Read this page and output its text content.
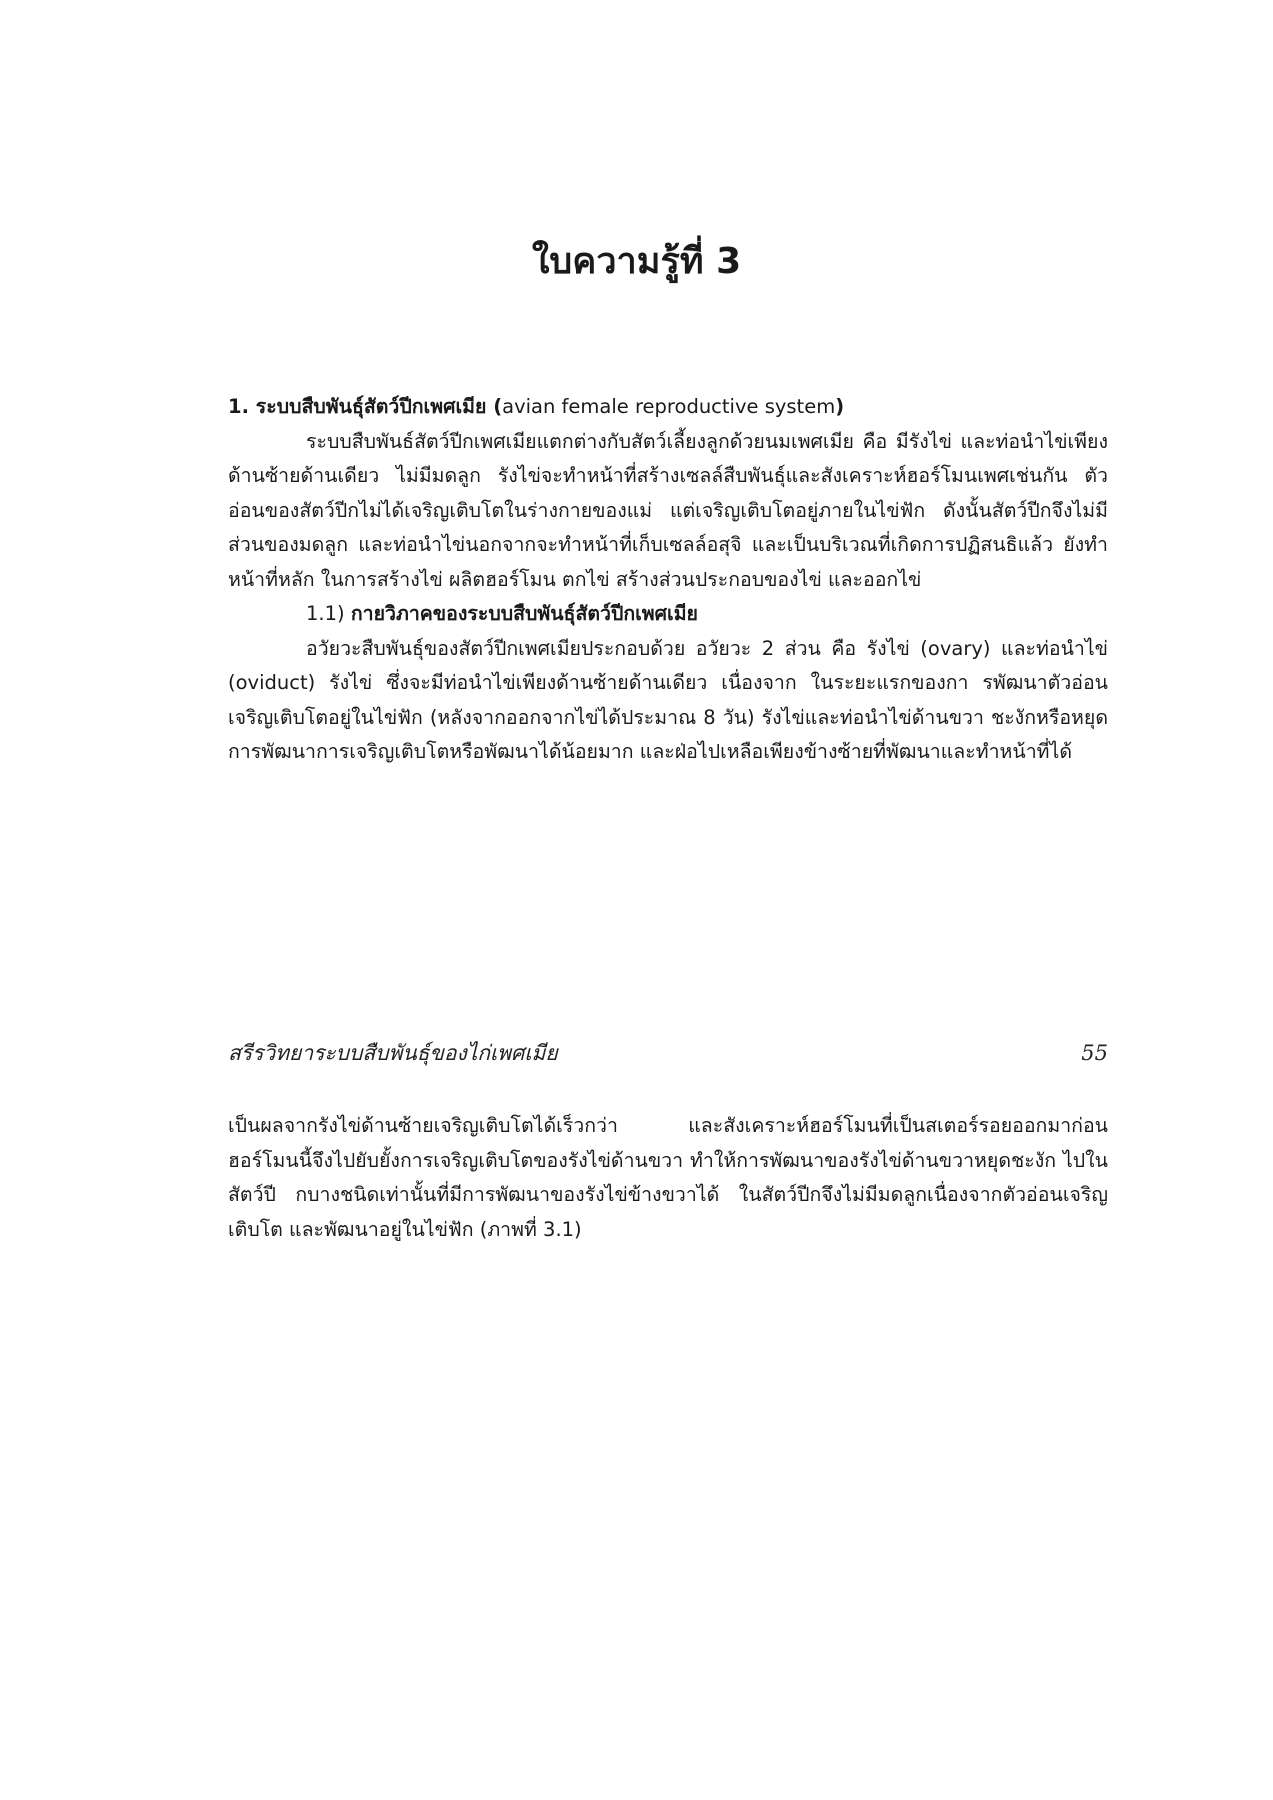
ใบความรู้ที่ 3

1. ระบบสืบพันธุ์สัตว์ปีกเพศเมีย (avian female reproductive system)

ระบบสืบพันธ์สัตว์ปีกเพศเมียแตกต่างกับสัตว์เลี้ยงลูกด้วยนมเพศเมีย คือ มีรังไข่ และท่อนำไข่เพียงด้านซ้ายด้านเดียว ไม่มีมดลูก รังไข่จะทำหน้าที่สร้างเซลล์สืบพันธุ์และสังเคราะห์ฮอร์โมนเพศเช่นกัน ตัวอ่อนของสัตว์ปีกไม่ได้เจริญเติบโตในร่างกายของแม่ แต่เจริญเติบโตอยู่ภายในไข่ฟัก ดังนั้นสัตว์ปีกจึงไม่มีส่วนของมดลูก และท่อนำไข่นอกจากจะทำหน้าที่เก็บเซลล์อสุจิ และเป็นบริเวณที่เกิดการปฏิสนธิแล้ว ยังทำหน้าที่หลัก ในการสร้างไข่ ผลิตฮอร์โมน ตกไข่ สร้างส่วนประกอบของไข่ และออกไข่

1.1) กายวิภาคของระบบสืบพันธุ์สัตว์ปีกเพศเมีย

อวัยวะสืบพันธุ์ของสัตว์ปีกเพศเมียประกอบด้วย อวัยวะ 2 ส่วน คือ รังไข่ (ovary) และท่อนำไข่ (oviduct) รังไข่ ซึ่งจะมีท่อนำไข่เพียงด้านซ้ายด้านเดียว เนื่องจาก ในระยะแรกของกา รพัฒนาตัวอ่อนเจริญเติบโตอยู่ในไข่ฟัก (หลังจากออกจากไข่ได้ประมาณ 8 วัน) รังไข่และท่อนำไข่ด้านขวา ชะงักหรือหยุดการพัฒนาการเจริญเติบโตหรือพัฒนาได้น้อยมาก และฝ่อไปเหลือเพียงข้างซ้ายที่พัฒนาและทำหน้าที่ได้

สรีรวิทยาระบบสืบพันธุ์ของไก่เพศเมีย	55

เป็นผลจากรังไข่ด้านซ้ายเจริญเติบโตได้เร็วกว่า และสังเคราะห์ฮอร์โมนที่เป็นสเตอร์รอยออกมาก่อน ฮอร์โมนนี้จึงไปยับยั้งการเจริญเติบโตของรังไข่ด้านขวา ทำให้การพัฒนาของรังไข่ด้านขวาหยุดชะงัก ไปในสัตว์ปี กบางชนิดเท่านั้นที่มีการพัฒนาของรังไข่ข้างขวาได้ ในสัตว์ปีกจึงไม่มีมดลูกเนื่องจากตัวอ่อนเจริญเติบโต และพัฒนาอยู่ในไข่ฟัก (ภาพที่ 3.1)
